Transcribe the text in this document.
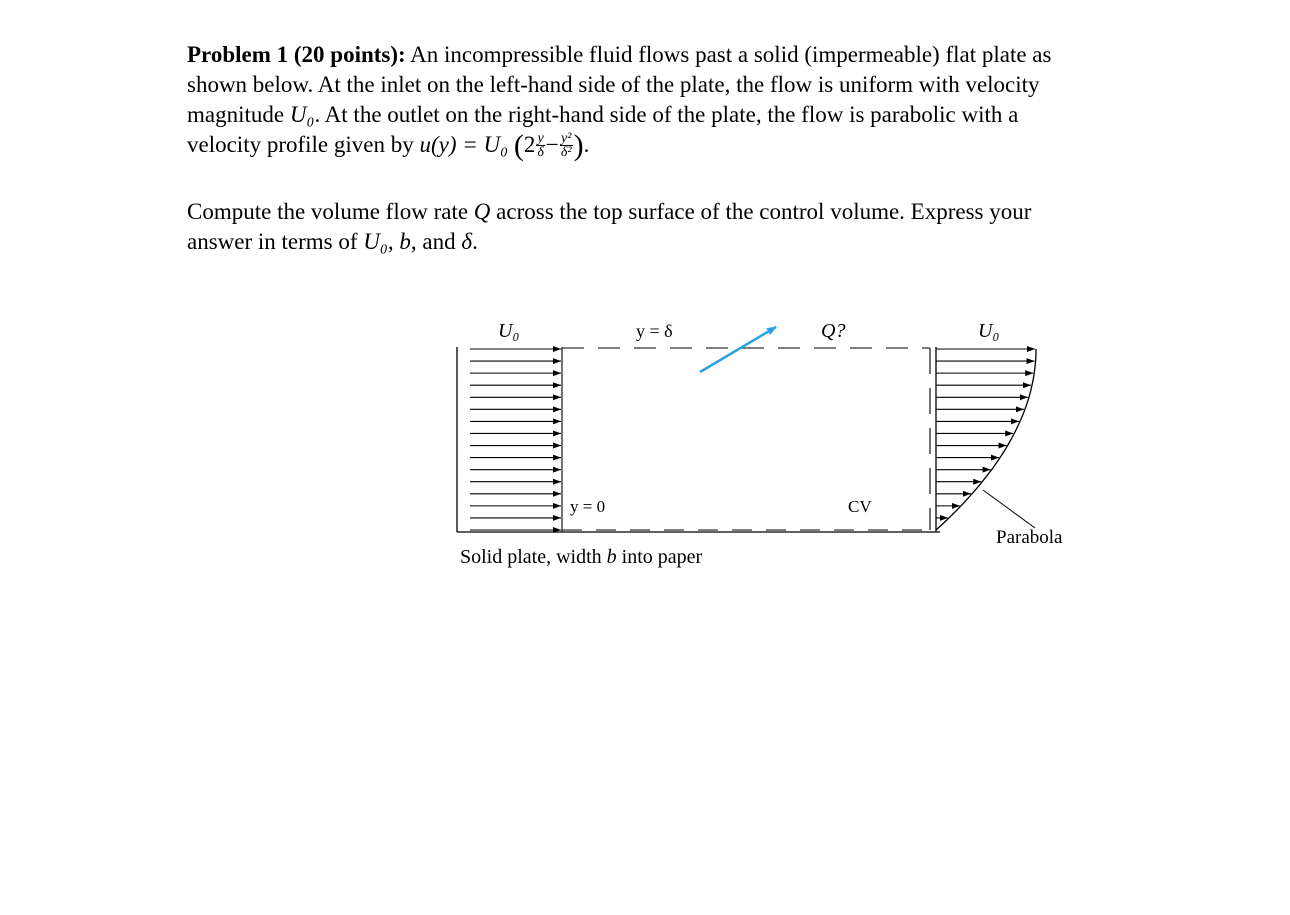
Problem 1 (20 points): An incompressible fluid flows past a solid (impermeable) flat plate as shown below. At the inlet on the left-hand side of the plate, the flow is uniform with velocity magnitude U₀. At the outlet on the right-hand side of the plate, the flow is parabolic with a velocity profile given by u(y) = U₀ ($2 \frac{y}{\delta} - \frac{\text{y²}}{\text{δ²}}$ ).

Compute the volume flow rate Q across the top surface of the control volume. Express your answer in terms of U₀, b, and δ.

U₀	y = δ	Q?	U₀
y = 0	CV
Parabola
Solid plate, width b into paper
